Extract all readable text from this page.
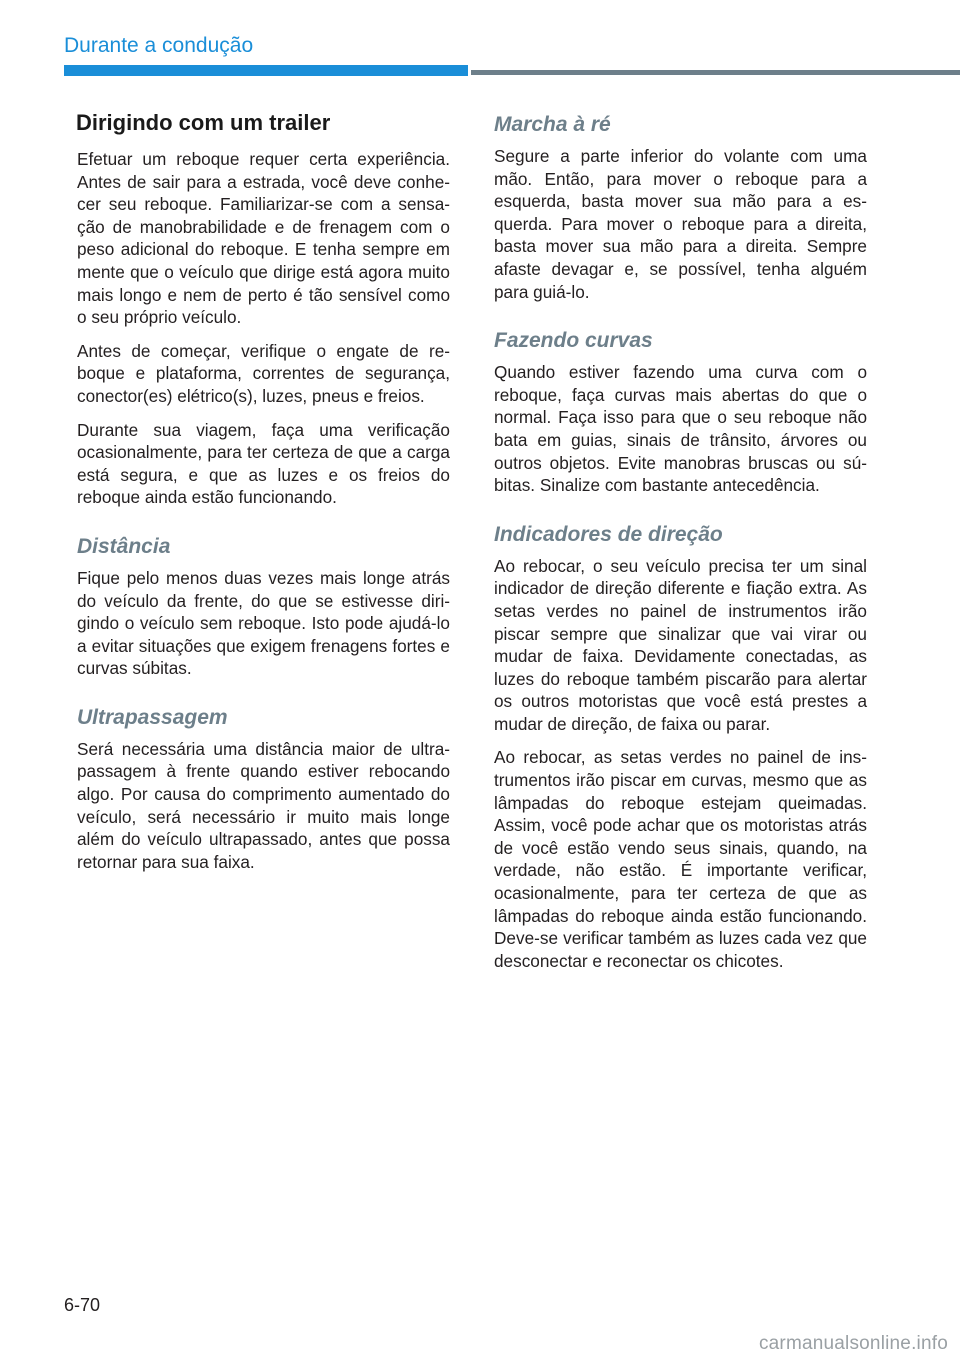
Durante a condução
Dirigindo com um trailer

Efetuar um reboque requer certa experiência. Antes de sair para a estrada, você deve conhecer seu reboque. Familiarizar-se com a sensação de manobrabilidade e de frenagem com o peso adicional do reboque. E tenha sempre em mente que o veículo que dirige está agora muito mais longo e nem de perto é tão sensível como o seu próprio veículo.

Antes de começar, verifique o engate de reboque e plataforma, correntes de segurança, conector(es) elétrico(s), luzes, pneus e freios.

Durante sua viagem, faça uma verificação ocasionalmente, para ter certeza de que a carga está segura, e que as luzes e os freios do reboque ainda estão funcionando.

Distância

Fique pelo menos duas vezes mais longe atrás do veículo da frente, do que se estivesse dirigindo o veículo sem reboque. Isto pode ajudá-lo a evitar situações que exigem frenagens fortes e curvas súbitas.

Ultrapassagem

Será necessária uma distância maior de ultrapassagem à frente quando estiver rebocando algo. Por causa do comprimento aumentado do veículo, será necessário ir muito mais longe além do veículo ultrapassado, antes que possa retornar para sua faixa.

Marcha à ré

Segure a parte inferior do volante com uma mão. Então, para mover o reboque para a esquerda, basta mover sua mão para a esquerda. Para mover o reboque para a direita, basta mover sua mão para a direita. Sempre afaste devagar e, se possível, tenha alguém para guiá-lo.

Fazendo curvas

Quando estiver fazendo uma curva com o reboque, faça curvas mais abertas do que o normal. Faça isso para que o seu reboque não bata em guias, sinais de trânsito, árvores ou outros objetos. Evite manobras bruscas ou súbitas. Sinalize com bastante antecedência.

Indicadores de direção

Ao rebocar, o seu veículo precisa ter um sinal indicador de direção diferente e fiação extra. As setas verdes no painel de instrumentos irão piscar sempre que sinalizar que vai virar ou mudar de faixa. Devidamente conectadas, as luzes do reboque também piscarão para alertar os outros motoristas que você está prestes a mudar de direção, de faixa ou parar.

Ao rebocar, as setas verdes no painel de instrumentos irão piscar em curvas, mesmo que as lâmpadas do reboque estejam queimadas. Assim, você pode achar que os motoristas atrás de você estão vendo seus sinais, quando, na verdade, não estão. É importante verificar, ocasionalmente, para ter certeza de que as lâmpadas do reboque ainda estão funcionando. Deve-se verificar também as luzes cada vez que desconectar e reconectar os chicotes.

6-70
carmanualsonline.info
